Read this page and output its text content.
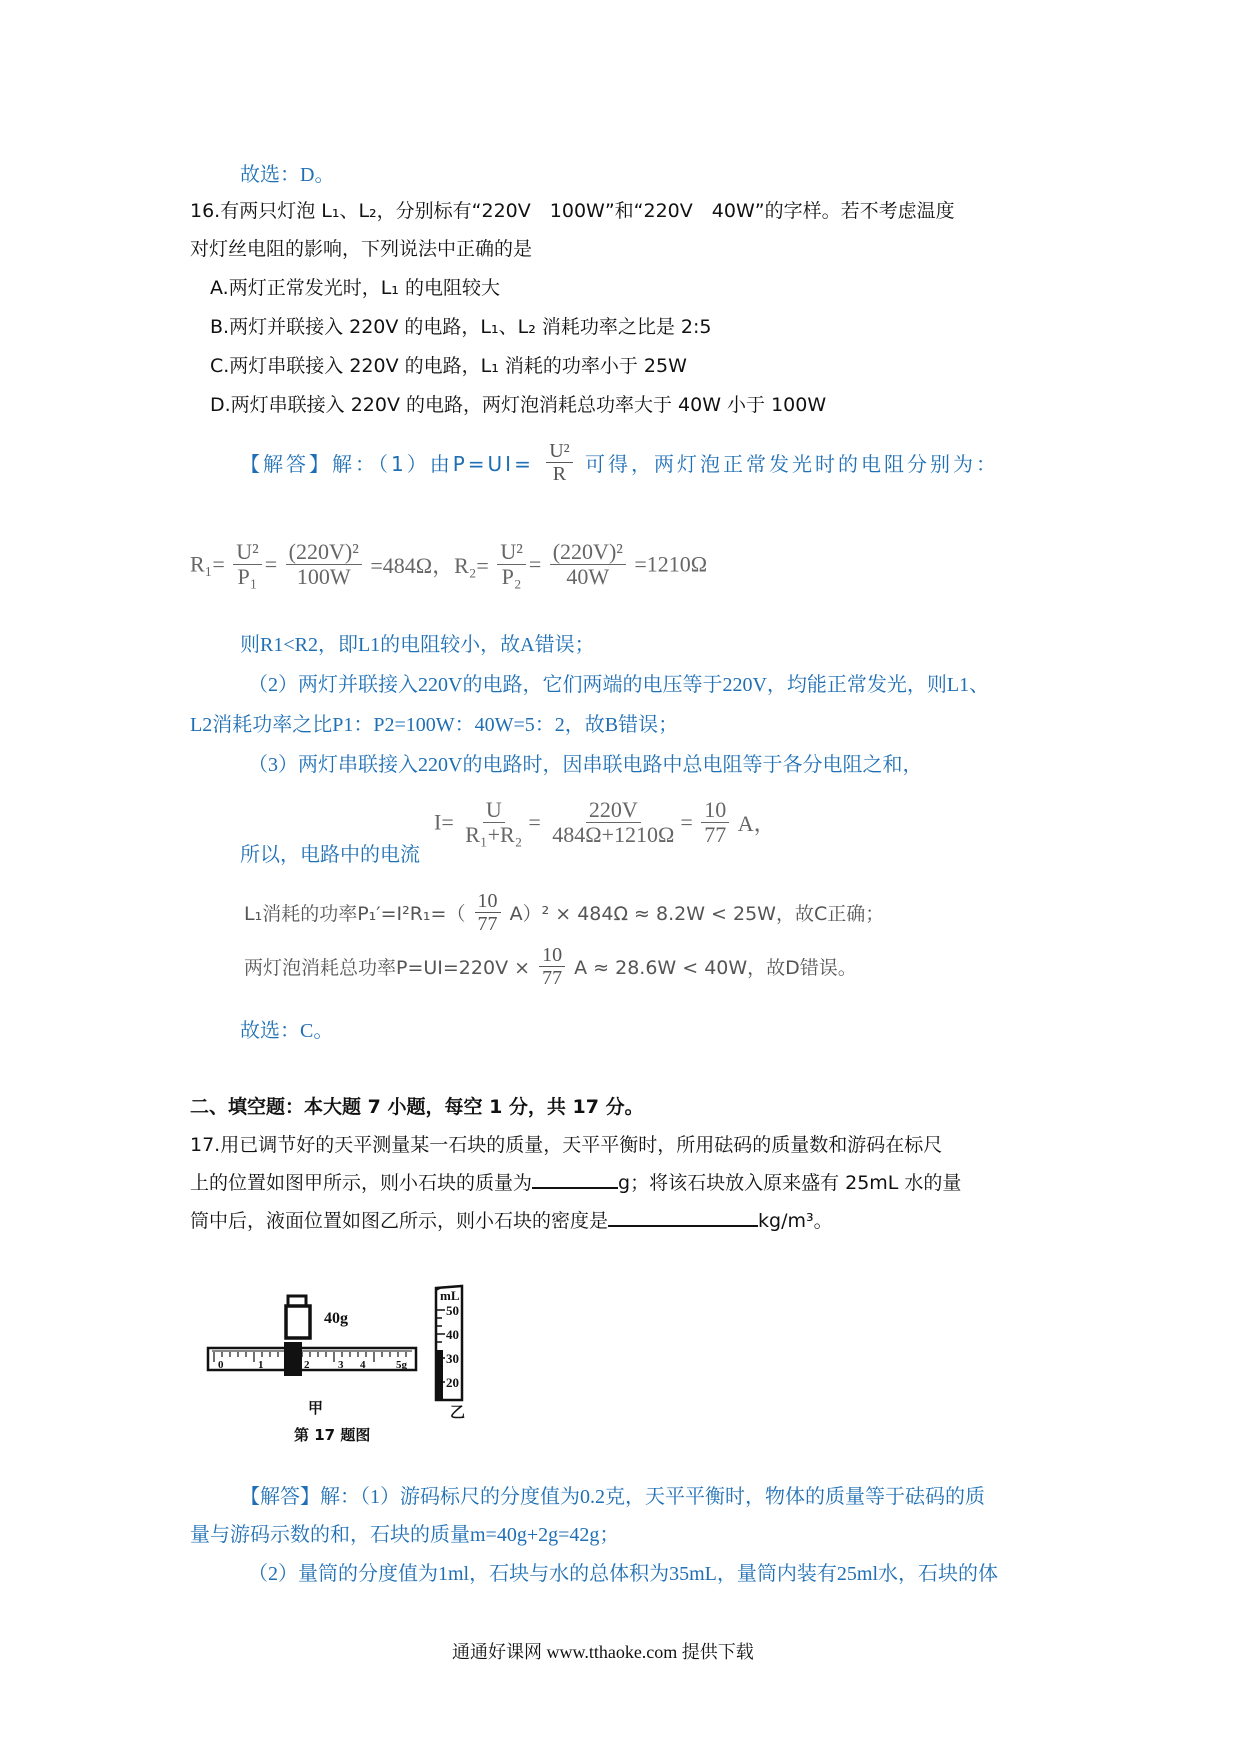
故选：D。
16.有两只灯泡 L₁、L₂，分别标有“220V　100W”和“220V　40W”的字样。若不考虑温度
对灯丝电阻的影响，下列说法中正确的是
A.两灯正常发光时，L₁ 的电阻较大
B.两灯并联接入 220V 的电路，L₁、L₂ 消耗功率之比是 2:5
C.两灯串联接入 220V 的电路，L₁ 消耗的功率小于 25W
D.两灯串联接入 220V 的电路，两灯泡消耗总功率大于 40W 小于 100W
【解答】解：（1）由$P=UI= \frac{\text{U²}}{R}$ 可得，两灯泡正常发光时的电阻分别为：
$R_1= \frac{\text{U²}}{\text{P₁}} = \frac{\text{(220V)²}}{100W} =484\Omega$，$R_2= \frac{\text{U²}}{\text{P₂}} = \frac{\text{(220V)²}}{40W} =1210\Omega$
则R1<R2，即L1的电阻较小，故A错误；
（2）两灯并联接入220V的电路，它们两端的电压等于220V，均能正常发光，则L1、
L2消耗功率之比P1：P2=100W：40W=5：2，故B错误；
（3）两灯串联接入220V的电路时，因串联电路中总电阻等于各分电阻之和，
所以，电路中的电流
$I= \frac{U}{\text{R₁+R₂}} = \frac{220V}{484\Omega+1210\Omega} = \frac{10}{77}$ A，
L₁消耗的功率$P_1'=I^2R_1=( \frac{10}{77} A)^2 \times 484\Omega \approx 8.2W < 25W$，故C正确；
两灯泡消耗总功率$P=UI=220V \times \frac{10}{77}$ A ≈ 28.6W < 40W，故D错误。
故选：C。
二、填空题：本大题 7 小题，每空 1 分，共 17 分。
17.用已调节好的天平测量某一石块的质量，天平平衡时，所用砝码的质量数和游码在标尺
上的位置如图甲所示，则小石块的质量为	g；将该石块放入原来盛有 25mL 水的量
筒中后，液面位置如图乙所示，则小石块的密度是	kg/m³。
40g
0	1	2	3 4	5g
甲
第 17 题图
mL
50
40
30
20
乙
【解答】解：（1）游码标尺的分度值为0.2克，天平平衡时，物体的质量等于砝码的质
量与游码示数的和，石块的质量m=40g+2g=42g；
（2）量筒的分度值为1ml，石块与水的总体积为35mL，量筒内装有25ml水，石块的体
通通好课网 www.tthaoke.com 提供下载
